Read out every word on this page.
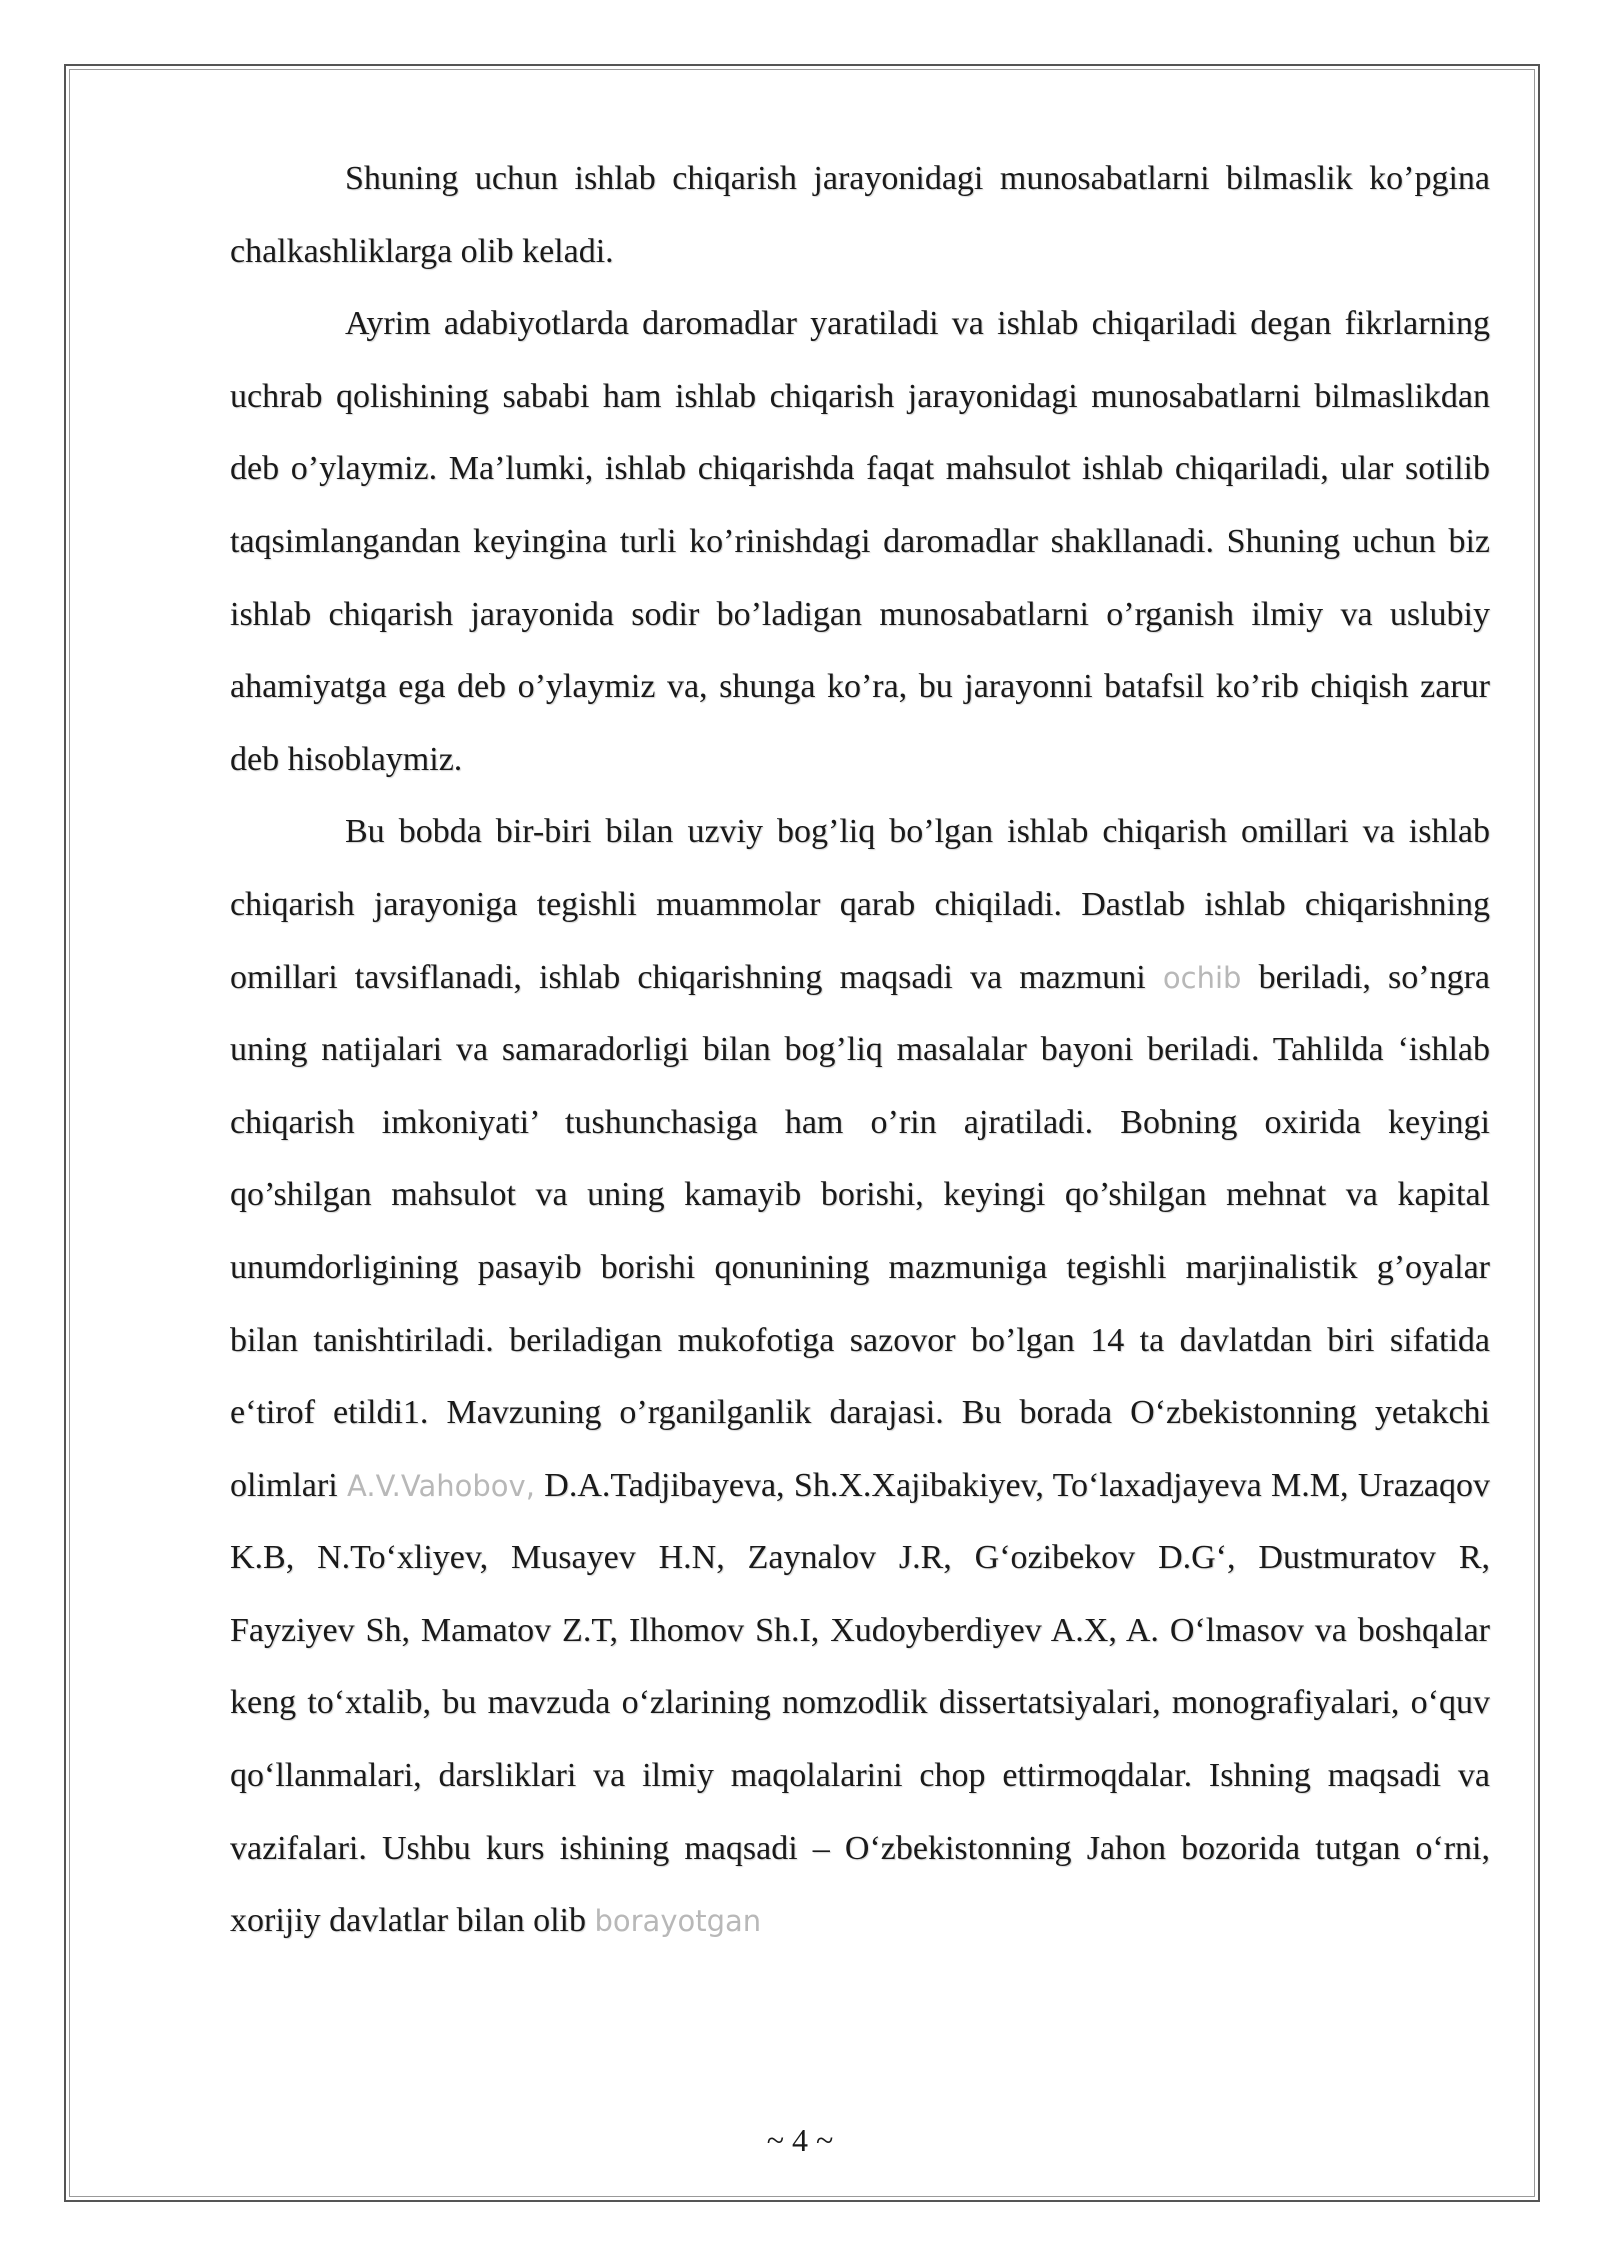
Shuning uchun ishlab chiqarish jarayonidagi munosabatlarni bilmaslik ko’pgina chalkashliklarga olib keladi.

Ayrim adabiyotlarda daromadlar yaratiladi va ishlab chiqariladi degan fikrlarning uchrab qolishining sababi ham ishlab chiqarish jarayonidagi munosabatlarni bilmaslikdan deb o’ylaymiz. Ma’lumki, ishlab chiqarishda faqat mahsulot ishlab chiqariladi, ular sotilib taqsimlangandan keyingina turli ko’rinishdagi daromadlar shakllanadi. Shuning uchun biz ishlab chiqarish jarayonida sodir bo’ladigan munosabatlarni o’rganish ilmiy va uslubiy ahamiyatga ega deb o’ylaymiz va, shunga ko’ra, bu jarayonni batafsil ko’rib chiqish zarur deb hisoblaymiz.

Bu bobda bir-biri bilan uzviy bog’liq bo’lgan ishlab chiqarish omillari va ishlab chiqarish jarayoniga tegishli muammolar qarab chiqiladi. Dastlab ishlab chiqarishning omillari tavsiflanadi, ishlab chiqarishning maqsadi va mazmuni ochib beriladi, so’ngra uning natijalari va samaradorligi bilan bog’liq masalalar bayoni beriladi. Tahlilda ‘ishlab chiqarish imkoniyati’ tushunchasiga ham o’rin ajratiladi. Bobning oxirida keyingi qo’shilgan mahsulot va uning kamayib borishi, keyingi qo’shilgan mehnat va kapital unumdorligining pasayib borishi qonunining mazmuniga tegishli marjinalistik g’oyalar bilan tanishtiriladi. beriladigan mukofotiga sazovor bo’lgan 14 ta davlatdan biri sifatida e‘tirof etildi1. Mavzuning o’rganilganlik darajasi. Bu borada O‘zbekistonning yetakchi olimlari A.V.Vahobov, D.A.Tadjibayeva, Sh.X.Xajibakiyev, To‘laxadjayeva M.M, Urazaqov K.B, N.To‘xliyev, Musayev H.N, Zaynalov J.R, G‘ozibekov D.G‘, Dustmuratov R, Fayziyev Sh, Mamatov Z.T, Ilhomov Sh.I, Xudoyberdiyev A.X, A. O‘lmasov va boshqalar keng to‘xtalib, bu mavzuda o‘zlarining nomzodlik dissertatsiyalari, monografiyalari, o‘quv qo‘llanmalari, darsliklari va ilmiy maqolalarini chop ettirmoqdalar. Ishning maqsadi va vazifalari. Ushbu kurs ishining maqsadi – O‘zbekistonning Jahon bozorida tutgan o‘rni, xorijiy davlatlar bilan olib borayotgan

~ 4 ~
